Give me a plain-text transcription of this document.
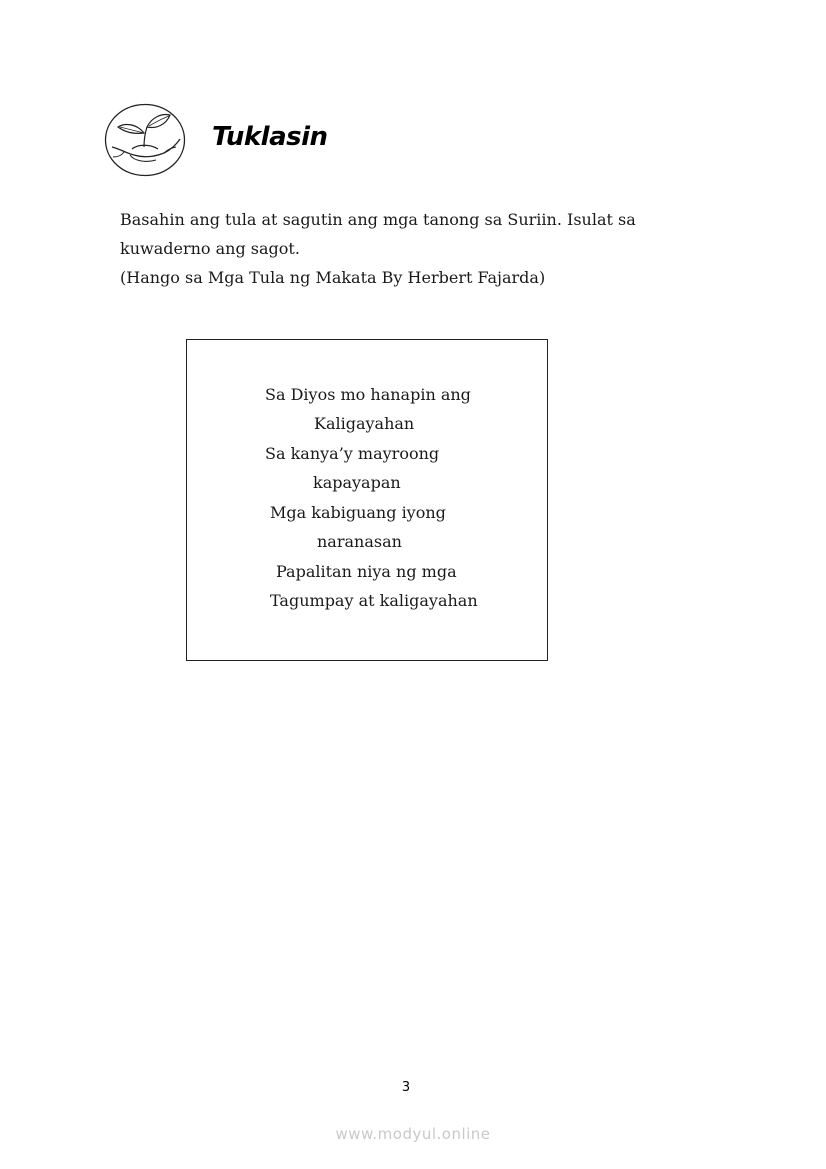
Tuklasin

Basahin ang tula at sagutin ang mga tanong sa Suriin. Isulat sa

kuwaderno ang sagot.

(Hango sa Mga Tula ng Makata By Herbert Fajarda)

Sa Diyos mo hanapin ang
Kaligayahan
Sa kanya’y mayroong
kapayapan
Mga kabiguang iyong
naranasan
Papalitan niya ng mga
Tagumpay at kaligayahan
3
www.modyul.online
